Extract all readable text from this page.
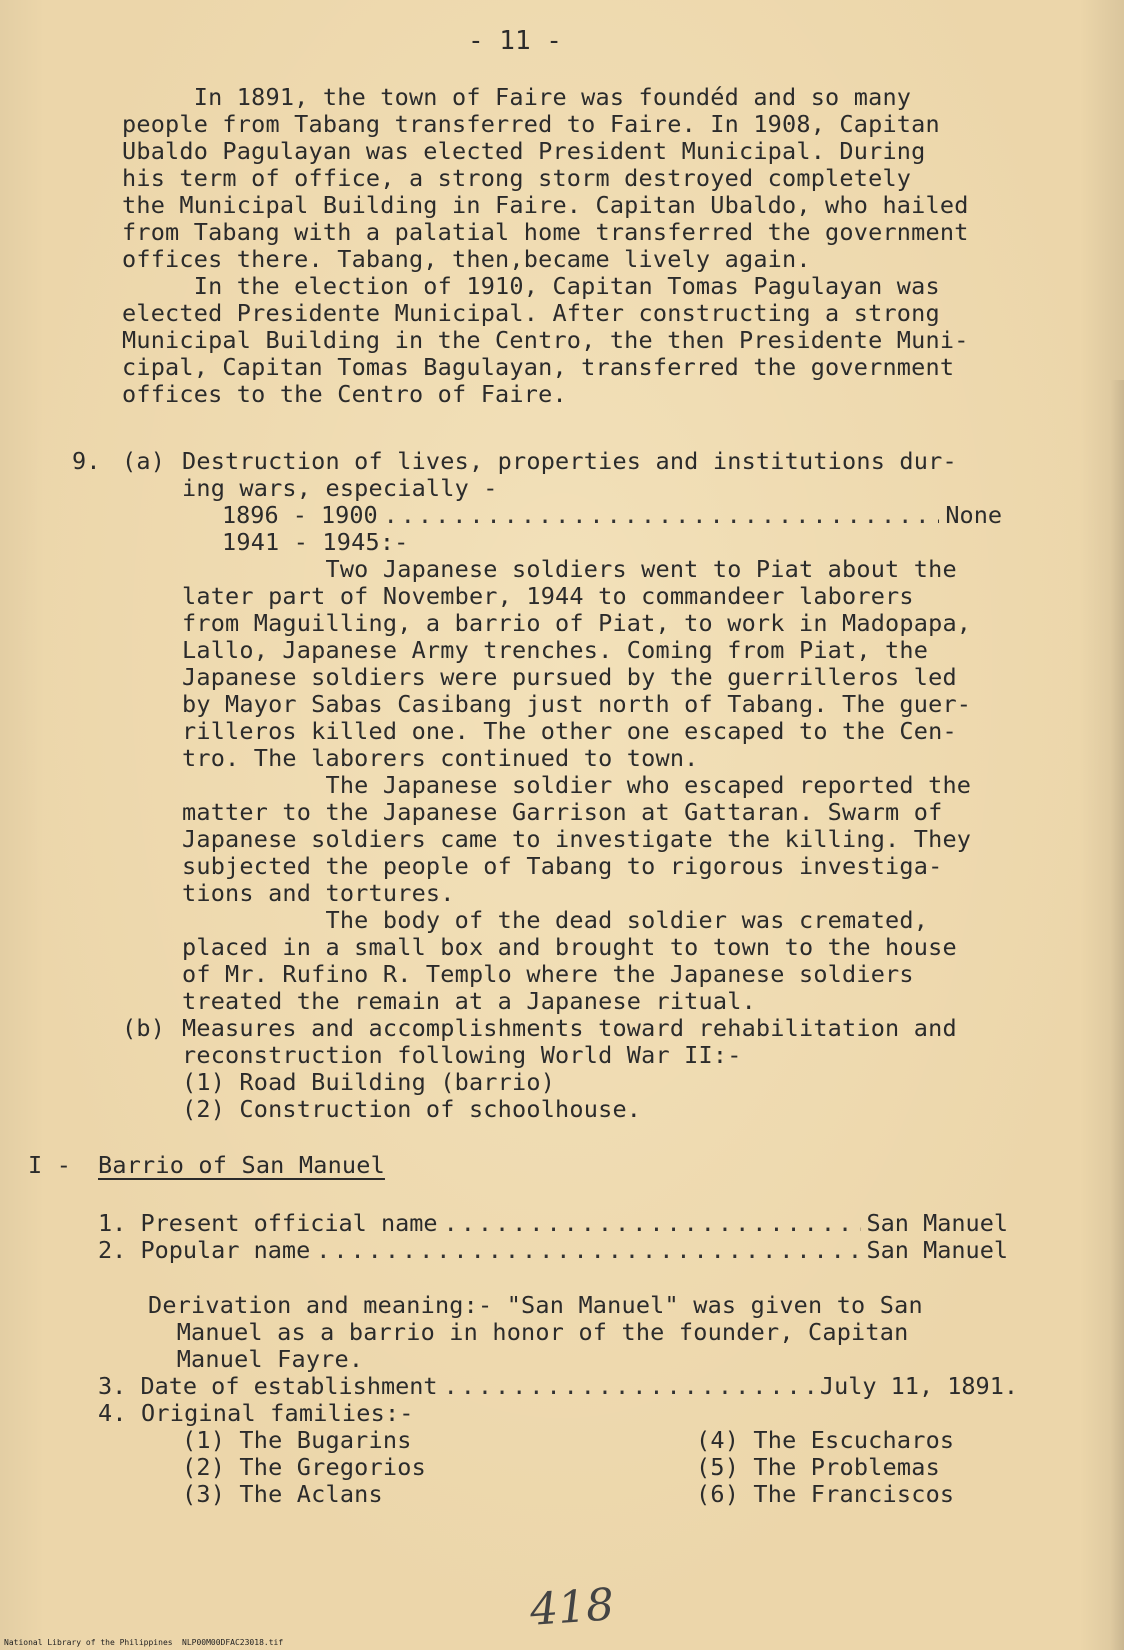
- 11 -
In 1891, the town of Faire was foundéd and so many
people from Tabang transferred to Faire. In 1908, Capitan
Ubaldo Pagulayan was elected President Municipal. During
his term of office, a strong storm destroyed completely
the Municipal Building in Faire. Capitan Ubaldo, who hailed
from Tabang with a palatial home transferred the government
offices there. Tabang, then,became lively again.
In the election of 1910, Capitan Tomas Pagulayan was
elected Presidente Municipal. After constructing a strong
Municipal Building in the Centro, the then Presidente Muni-
cipal, Capitan Tomas Bagulayan, transferred the government
offices to the Centro of Faire.
9. (a) Destruction of lives, properties and institutions dur-
ing wars, especially -
1896 - 1900 .....	None
1941 - 1945:-
Two Japanese soldiers went to Piat about the
later part of November, 1944 to commandeer laborers
from Maguilling, a barrio of Piat, to work in Madopapa,
Lallo, Japanese Army trenches. Coming from Piat, the
Japanese soldiers were pursued by the guerrilleros led
by Mayor Sabas Casibang just north of Tabang. The guer-
rilleros killed one. The other one escaped to the Cen-
tro. The laborers continued to town.
The Japanese soldier who escaped reported the
matter to the Japanese Garrison at Gattaran. Swarm of
Japanese soldiers came to investigate the killing. They
subjected the people of Tabang to rigorous investiga-
tions and tortures.
The body of the dead soldier was cremated,
placed in a small box and brought to town to the house
of Mr. Rufino R. Templo where the Japanese soldiers
treated the remain at a Japanese ritual.
(b) Measures and accomplishments toward rehabilitation and
reconstruction following World War II:-
(1) Road Building (barrio)
(2) Construction of schoolhouse.
I - Barrio of San Manuel
1. Present official name .....	San Manuel
2. Popular name .....	San Manuel
Derivation and meaning:- "San Manuel" was given to San
Manuel as a barrio in honor of the founder, Capitan
Manuel Fayre.
3. Date of establishment .....	July 11, 1891.
4. Original families:-
(1) The Bugarins
(2) The Gregorios
(3) The Aclans
(4) The Escucharos
(5) The Problemas
(6) The Franciscos
418
National Library of the Philippines NLP00M00DFAC23018.tif
